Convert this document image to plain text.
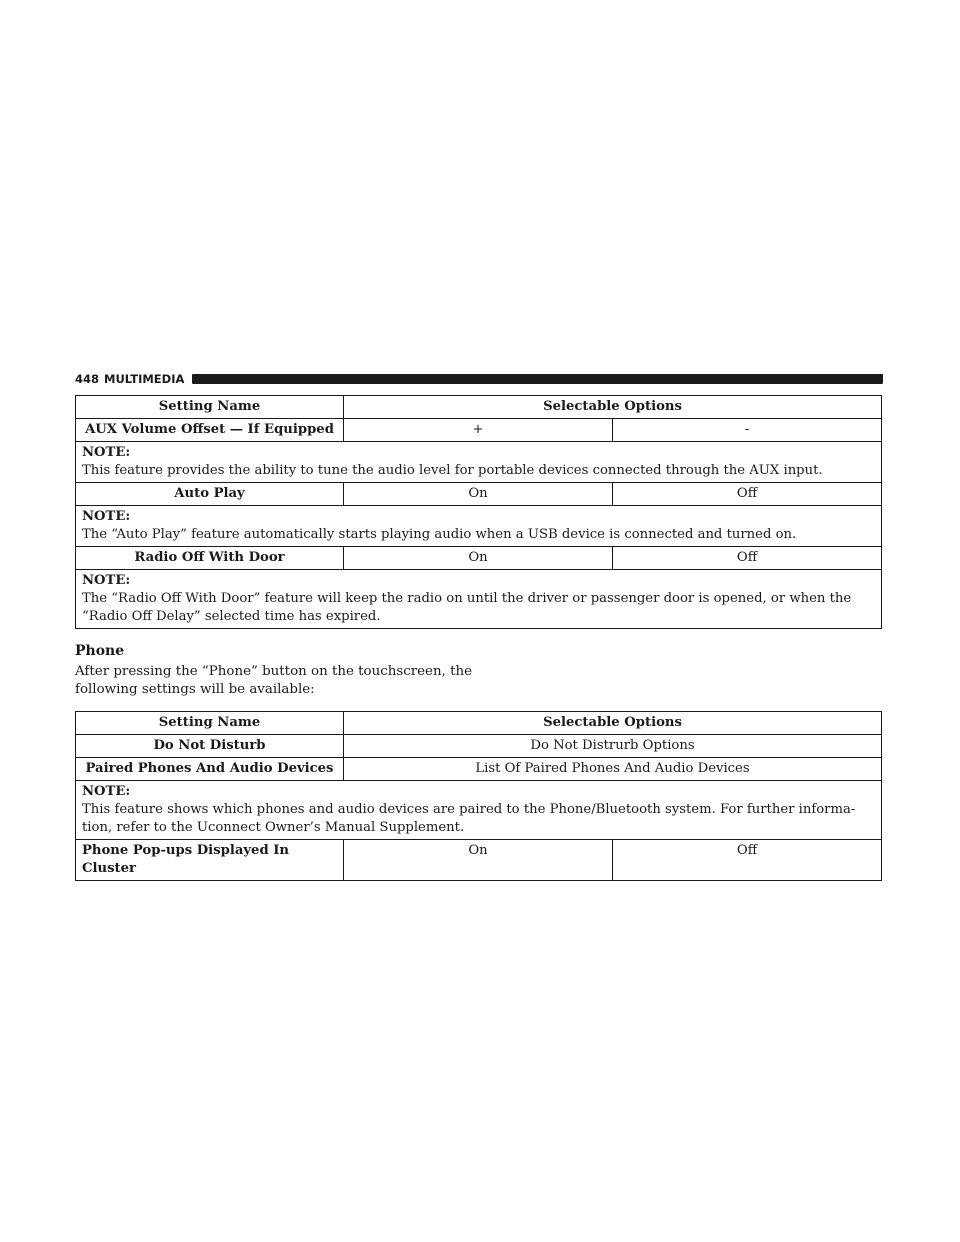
448 MULTIMEDIA
Setting Name	Selectable Options	
AUX Volume Offset — If Equipped	+	-

NOTE:
This feature provides the ability to tune the audio level for portable devices connected through the AUX input.		
Auto Play	On	Off

NOTE:
The “Auto Play” feature automatically starts playing audio when a USB device is connected and turned on.		
Radio Off With Door	On	Off

NOTE:
The “Radio Off With Door” feature will keep the radio on until the driver or passenger door is opened, or when the “Radio Off Delay” selected time has expired.		
Phone
After pressing the “Phone” button on the touchscreen, the following settings will be available:
Setting Name	Selectable Options	
Do Not Disturb	Do Not Distrurb Options	
Paired Phones And Audio Devices	List Of Paired Phones And Audio Devices	

NOTE:
This feature shows which phones and audio devices are paired to the Phone/Bluetooth system. For further informa- tion, refer to the Uconnect Owner’s Manual Supplement.		
Phone Pop-ups Displayed In Cluster	On	Off
